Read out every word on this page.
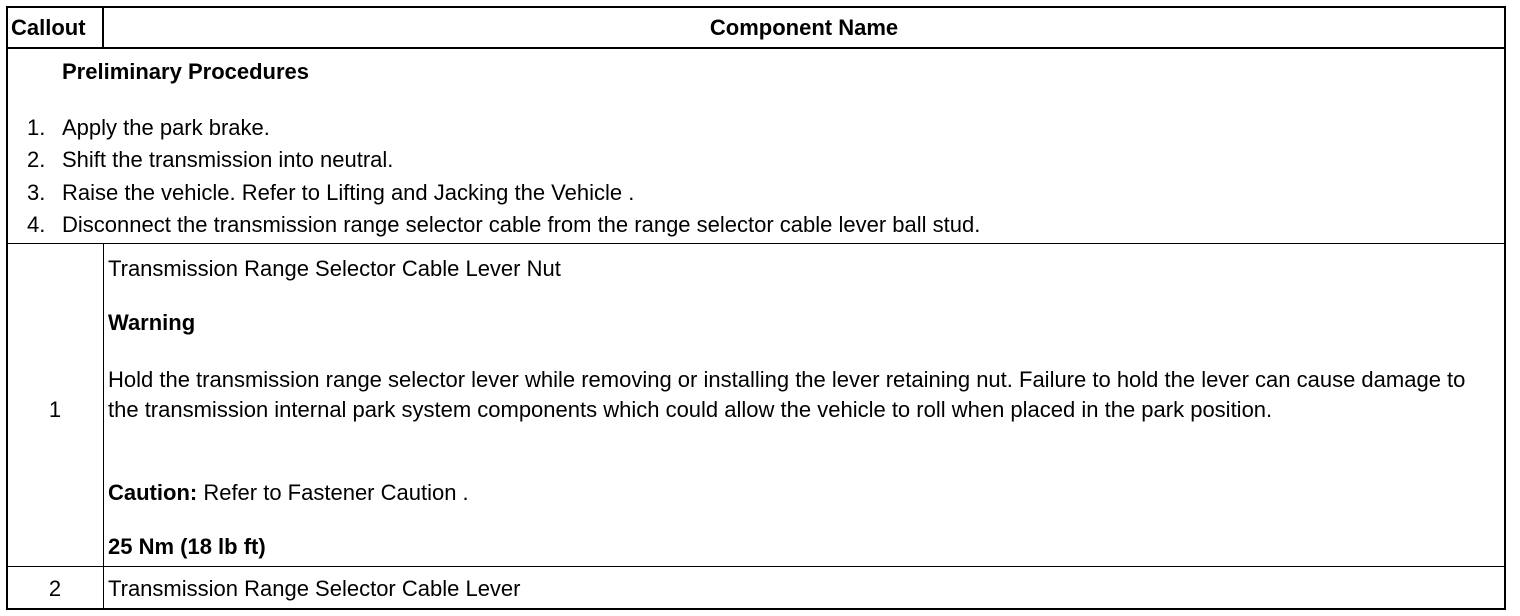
Callout	Component Name
Preliminary Procedures
1. Apply the park brake.
2. Shift the transmission into neutral.
3. Raise the vehicle. Refer to Lifting and Jacking the Vehicle .
4. Disconnect the transmission range selector cable from the range selector cable lever ball stud.
1
Transmission Range Selector Cable Lever Nut
Warning
Hold the transmission range selector lever while removing or installing the lever retaining nut. Failure to hold the lever can cause damage to the transmission internal park system components which could allow the vehicle to roll when placed in the park position.
Caution: Refer to Fastener Caution .
25 Nm (18 lb ft)
2	Transmission Range Selector Cable Lever
